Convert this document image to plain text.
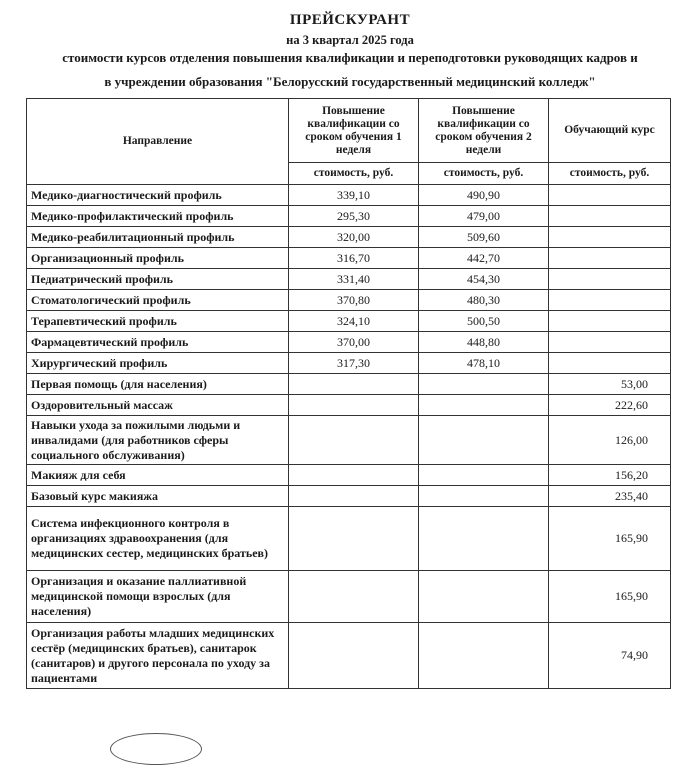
ПРЕЙСКУРАНТ
на 3 квартал 2025 года
стоимости курсов отделения повышения квалификации и переподготовки руководящих кадров и
в учреждении образования "Белорусский государственный медицинский колледж"
Направление	Повышение квалификации со сроком обучения 1 неделя	Повышение квалификации со сроком обучения 2 недели	Обучающий курс
	стоимость, руб.	стоимость, руб.	стоимость, руб.
Медико-диагностический профиль	339,10	490,90	
Медико-профилактический профиль	295,30	479,00	
Медико-реабилитационный профиль	320,00	509,60	
Организационный профиль	316,70	442,70	
Педиатрический профиль	331,40	454,30	
Стоматологический профиль	370,80	480,30	
Терапевтический профиль	324,10	500,50	
Фармацевтический профиль	370,00	448,80	
Хирургический профиль	317,30	478,10	
Первая помощь (для населения)			53,00
Оздоровительный массаж			222,60
Навыки ухода за пожилыми людьми и инвалидами (для работников сферы социального обслуживания)			126,00
Макияж для себя			156,20
Базовый курс макияжа			235,40
Система инфекционного контроля в организациях здравоохранения (для медицинских сестер, медицинских братьев)			165,90
Организация и оказание паллиативной медицинской помощи взрослых (для населения)			165,90
Организация работы младших медицинских сестёр (медицинских братьев), санитарок (санитаров) и другого персонала по уходу за пациентами			74,90
